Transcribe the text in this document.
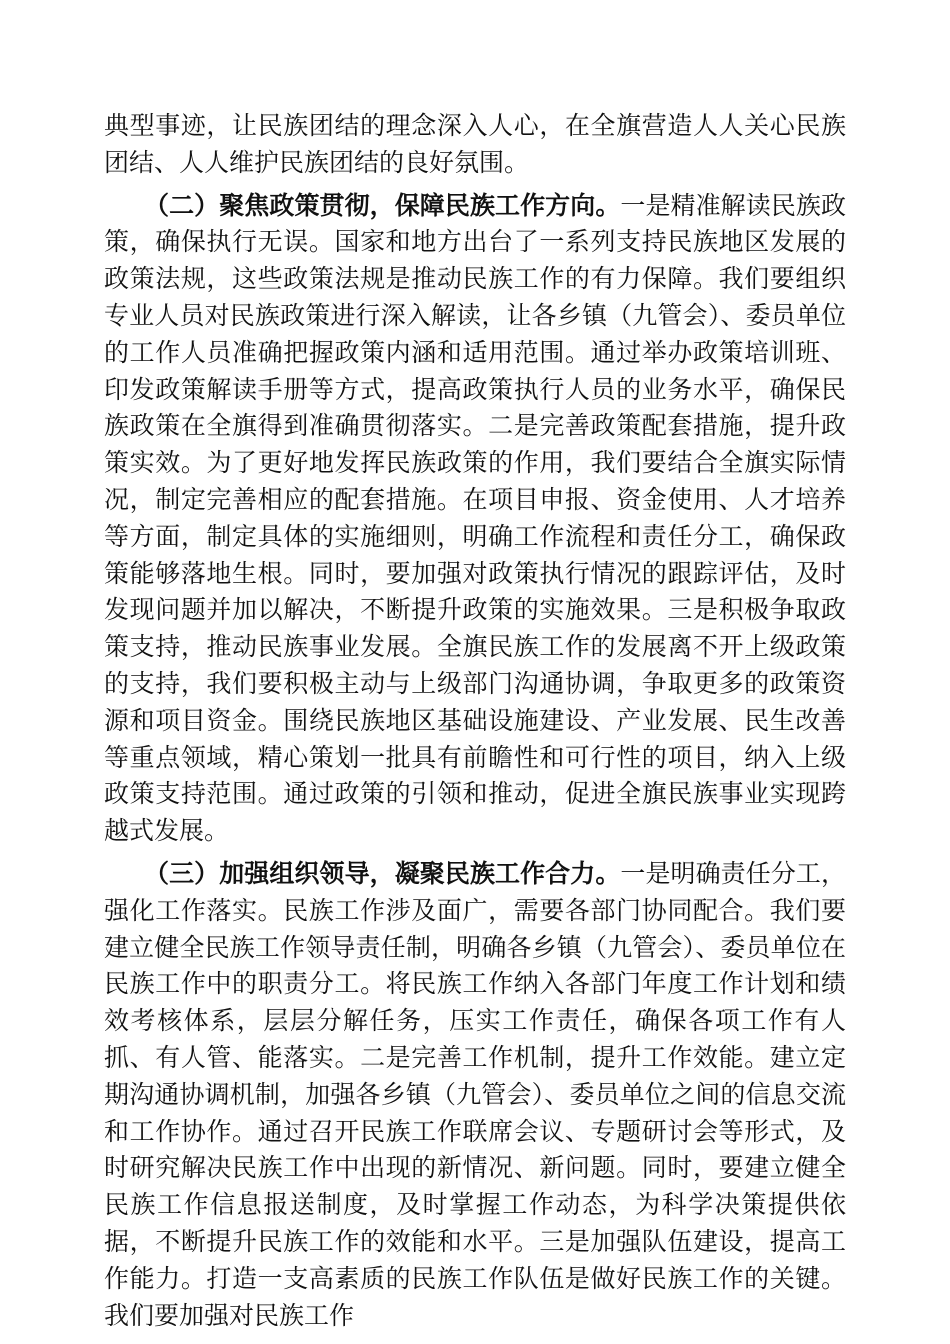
典型事迹，让民族团结的理念深入人心，在全旗营造人人关心民族团结、人人维护民族团结的良好氛围。

（二）聚焦政策贯彻，保障民族工作方向。一是精准解读民族政策，确保执行无误。国家和地方出台了一系列支持民族地区发展的政策法规，这些政策法规是推动民族工作的有力保障。我们要组织专业人员对民族政策进行深入解读，让各乡镇（九管会）、委员单位的工作人员准确把握政策内涵和适用范围。通过举办政策培训班、印发政策解读手册等方式，提高政策执行人员的业务水平，确保民族政策在全旗得到准确贯彻落实。二是完善政策配套措施，提升政策实效。为了更好地发挥民族政策的作用，我们要结合全旗实际情况，制定完善相应的配套措施。在项目申报、资金使用、人才培养等方面，制定具体的实施细则，明确工作流程和责任分工，确保政策能够落地生根。同时，要加强对政策执行情况的跟踪评估，及时发现问题并加以解决，不断提升政策的实施效果。三是积极争取政策支持，推动民族事业发展。全旗民族工作的发展离不开上级政策的支持，我们要积极主动与上级部门沟通协调，争取更多的政策资源和项目资金。围绕民族地区基础设施建设、产业发展、民生改善等重点领域，精心策划一批具有前瞻性和可行性的项目，纳入上级政策支持范围。通过政策的引领和推动，促进全旗民族事业实现跨越式发展。

（三）加强组织领导，凝聚民族工作合力。一是明确责任分工，强化工作落实。民族工作涉及面广，需要各部门协同配合。我们要建立健全民族工作领导责任制，明确各乡镇（九管会）、委员单位在民族工作中的职责分工。将民族工作纳入各部门年度工作计划和绩效考核体系，层层分解任务，压实工作责任，确保各项工作有人抓、有人管、能落实。二是完善工作机制，提升工作效能。建立定期沟通协调机制，加强各乡镇（九管会）、委员单位之间的信息交流和工作协作。通过召开民族工作联席会议、专题研讨会等形式，及时研究解决民族工作中出现的新情况、新问题。同时，要建立健全民族工作信息报送制度，及时掌握工作动态，为科学决策提供依据，不断提升民族工作的效能和水平。三是加强队伍建设，提高工作能力。打造一支高素质的民族工作队伍是做好民族工作的关键。我们要加强对民族工作
